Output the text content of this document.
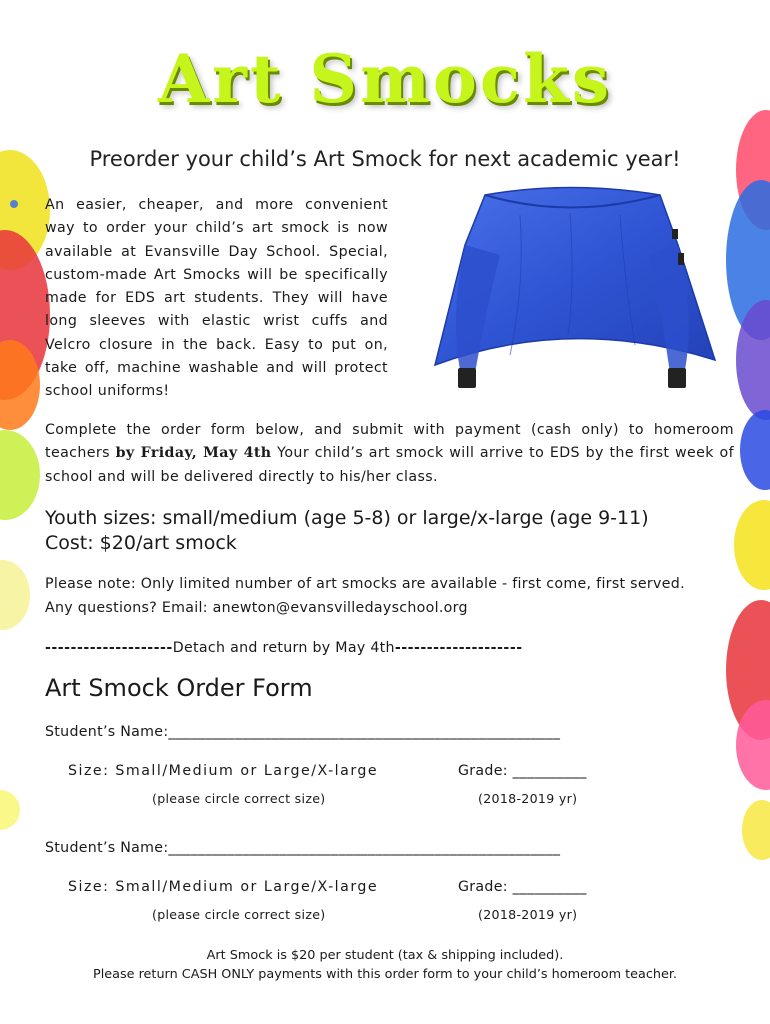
Art Smocks
Preorder your child’s Art Smock for next academic year!
An easier, cheaper, and more convenient way to order your child’s art smock is now available at Evansville Day School. Special, custom-made Art Smocks will be specifically made for EDS art students. They will have long sleeves with elastic wrist cuffs and Velcro closure in the back. Easy to put on, take off, machine washable and will protect school uniforms!
Complete the order form below, and submit with payment (cash only) to homeroom teachers by Friday, May 4th Your child’s art smock will arrive to EDS by the first week of school and will be delivered directly to his/her class.
Youth sizes: small/medium (age 5-8) or large/x-large (age 9-11)
Cost: $20/art smock
Please note: Only limited number of art smocks are available - first come, first served.
Any questions? Email: anewton@evansvilledayschool.org
--------------------Detach and return by May 4th--------------------
Art Smock Order Form
Student’s Name:_____________________________________________________
Size: Small/Medium or Large/X-large	Grade: __________
(please circle correct size)	(2018-2019 yr)
Student’s Name:_____________________________________________________
Size: Small/Medium or Large/X-large	Grade: __________
(please circle correct size)	(2018-2019 yr)
Art Smock is $20 per student (tax & shipping included).
Please return CASH ONLY payments with this order form to your child’s homeroom teacher.
